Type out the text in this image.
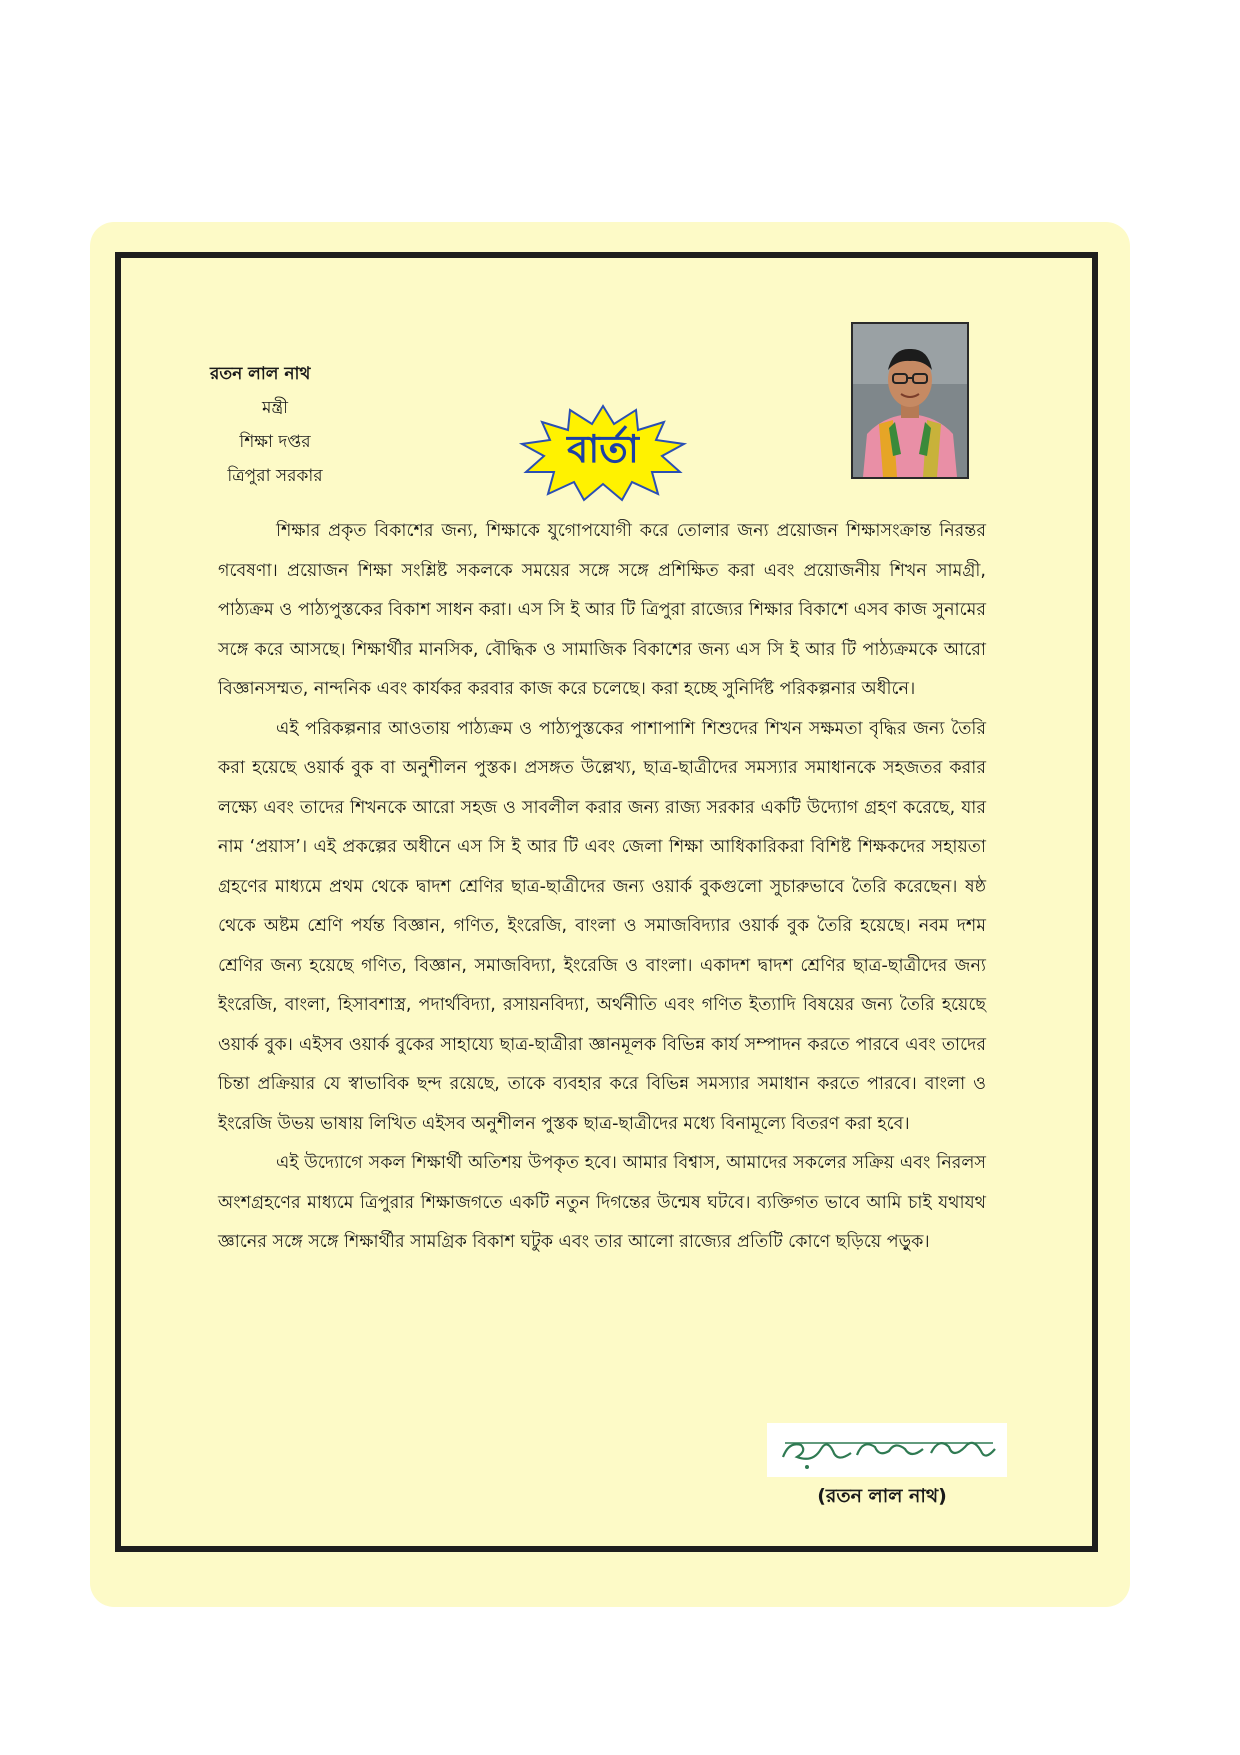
রতন লাল নাথ
মন্ত্রী
শিক্ষা দপ্তর
ত্রিপুরা সরকার
বার্তা

শিক্ষার প্রকৃত বিকাশের জন্য, শিক্ষাকে যুগোপযোগী করে তোলার জন্য প্রয়োজন শিক্ষাসংক্রান্ত নিরন্তর গবেষণা। প্রয়োজন শিক্ষা সংশ্লিষ্ট সকলকে সময়ের সঙ্গে সঙ্গে প্রশিক্ষিত করা এবং প্রয়োজনীয় শিখন সামগ্রী, পাঠ্যক্রম ও পাঠ্যপুস্তকের বিকাশ সাধন করা। এস সি ই আর টি ত্রিপুরা রাজ্যের শিক্ষার বিকাশে এসব কাজ সুনামের সঙ্গে করে আসছে। শিক্ষার্থীর মানসিক, বৌদ্ধিক ও সামাজিক বিকাশের জন্য এস সি ই আর টি পাঠ্যক্রমকে আরো বিজ্ঞানসম্মত, নান্দনিক এবং কার্যকর করবার কাজ করে চলেছে। করা হচ্ছে সুনির্দিষ্ট পরিকল্পনার অধীনে।

এই পরিকল্পনার আওতায় পাঠ্যক্রম ও পাঠ্যপুস্তকের পাশাপাশি শিশুদের শিখন সক্ষমতা বৃদ্ধির জন্য তৈরি করা হয়েছে ওয়ার্ক বুক বা অনুশীলন পুস্তক। প্রসঙ্গত উল্লেখ্য, ছাত্র-ছাত্রীদের সমস্যার সমাধানকে সহজতর করার লক্ষ্যে এবং তাদের শিখনকে আরো সহজ ও সাবলীল করার জন্য রাজ্য সরকার একটি উদ্যোগ গ্রহণ করেছে, যার নাম ‘প্রয়াস’। এই প্রকল্পের অধীনে এস সি ই আর টি এবং জেলা শিক্ষা আধিকারিকরা বিশিষ্ট শিক্ষকদের সহায়তা গ্রহণের মাধ্যমে প্রথম থেকে দ্বাদশ শ্রেণির ছাত্র-ছাত্রীদের জন্য ওয়ার্ক বুকগুলো সুচারুভাবে তৈরি করেছেন। ষষ্ঠ থেকে অষ্টম শ্রেণি পর্যন্ত বিজ্ঞান, গণিত, ইংরেজি, বাংলা ও সমাজবিদ্যার ওয়ার্ক বুক তৈরি হয়েছে। নবম দশম শ্রেণির জন্য হয়েছে গণিত, বিজ্ঞান, সমাজবিদ্যা, ইংরেজি ও বাংলা। একাদশ দ্বাদশ শ্রেণির ছাত্র-ছাত্রীদের জন্য ইংরেজি, বাংলা, হিসাবশাস্ত্র, পদার্থবিদ্যা, রসায়নবিদ্যা, অর্থনীতি এবং গণিত ইত্যাদি বিষয়ের জন্য তৈরি হয়েছে ওয়ার্ক বুক। এইসব ওয়ার্ক বুকের সাহায্যে ছাত্র-ছাত্রীরা জ্ঞানমূলক বিভিন্ন কার্য সম্পাদন করতে পারবে এবং তাদের চিন্তা প্রক্রিয়ার যে স্বাভাবিক ছন্দ রয়েছে, তাকে ব্যবহার করে বিভিন্ন সমস্যার সমাধান করতে পারবে। বাংলা ও ইংরেজি উভয় ভাষায় লিখিত এইসব অনুশীলন পুস্তক ছাত্র-ছাত্রীদের মধ্যে বিনামূল্যে বিতরণ করা হবে।

এই উদ্যোগে সকল শিক্ষার্থী অতিশয় উপকৃত হবে। আমার বিশ্বাস, আমাদের সকলের সক্রিয় এবং নিরলস অংশগ্রহণের মাধ্যমে ত্রিপুরার শিক্ষাজগতে একটি নতুন দিগন্তের উন্মেষ ঘটবে। ব্যক্তিগত ভাবে আমি চাই যথাযথ জ্ঞানের সঙ্গে সঙ্গে শিক্ষার্থীর সামগ্রিক বিকাশ ঘটুক এবং তার আলো রাজ্যের প্রতিটি কোণে ছড়িয়ে পড়ুক।

(রতন লাল নাথ)
